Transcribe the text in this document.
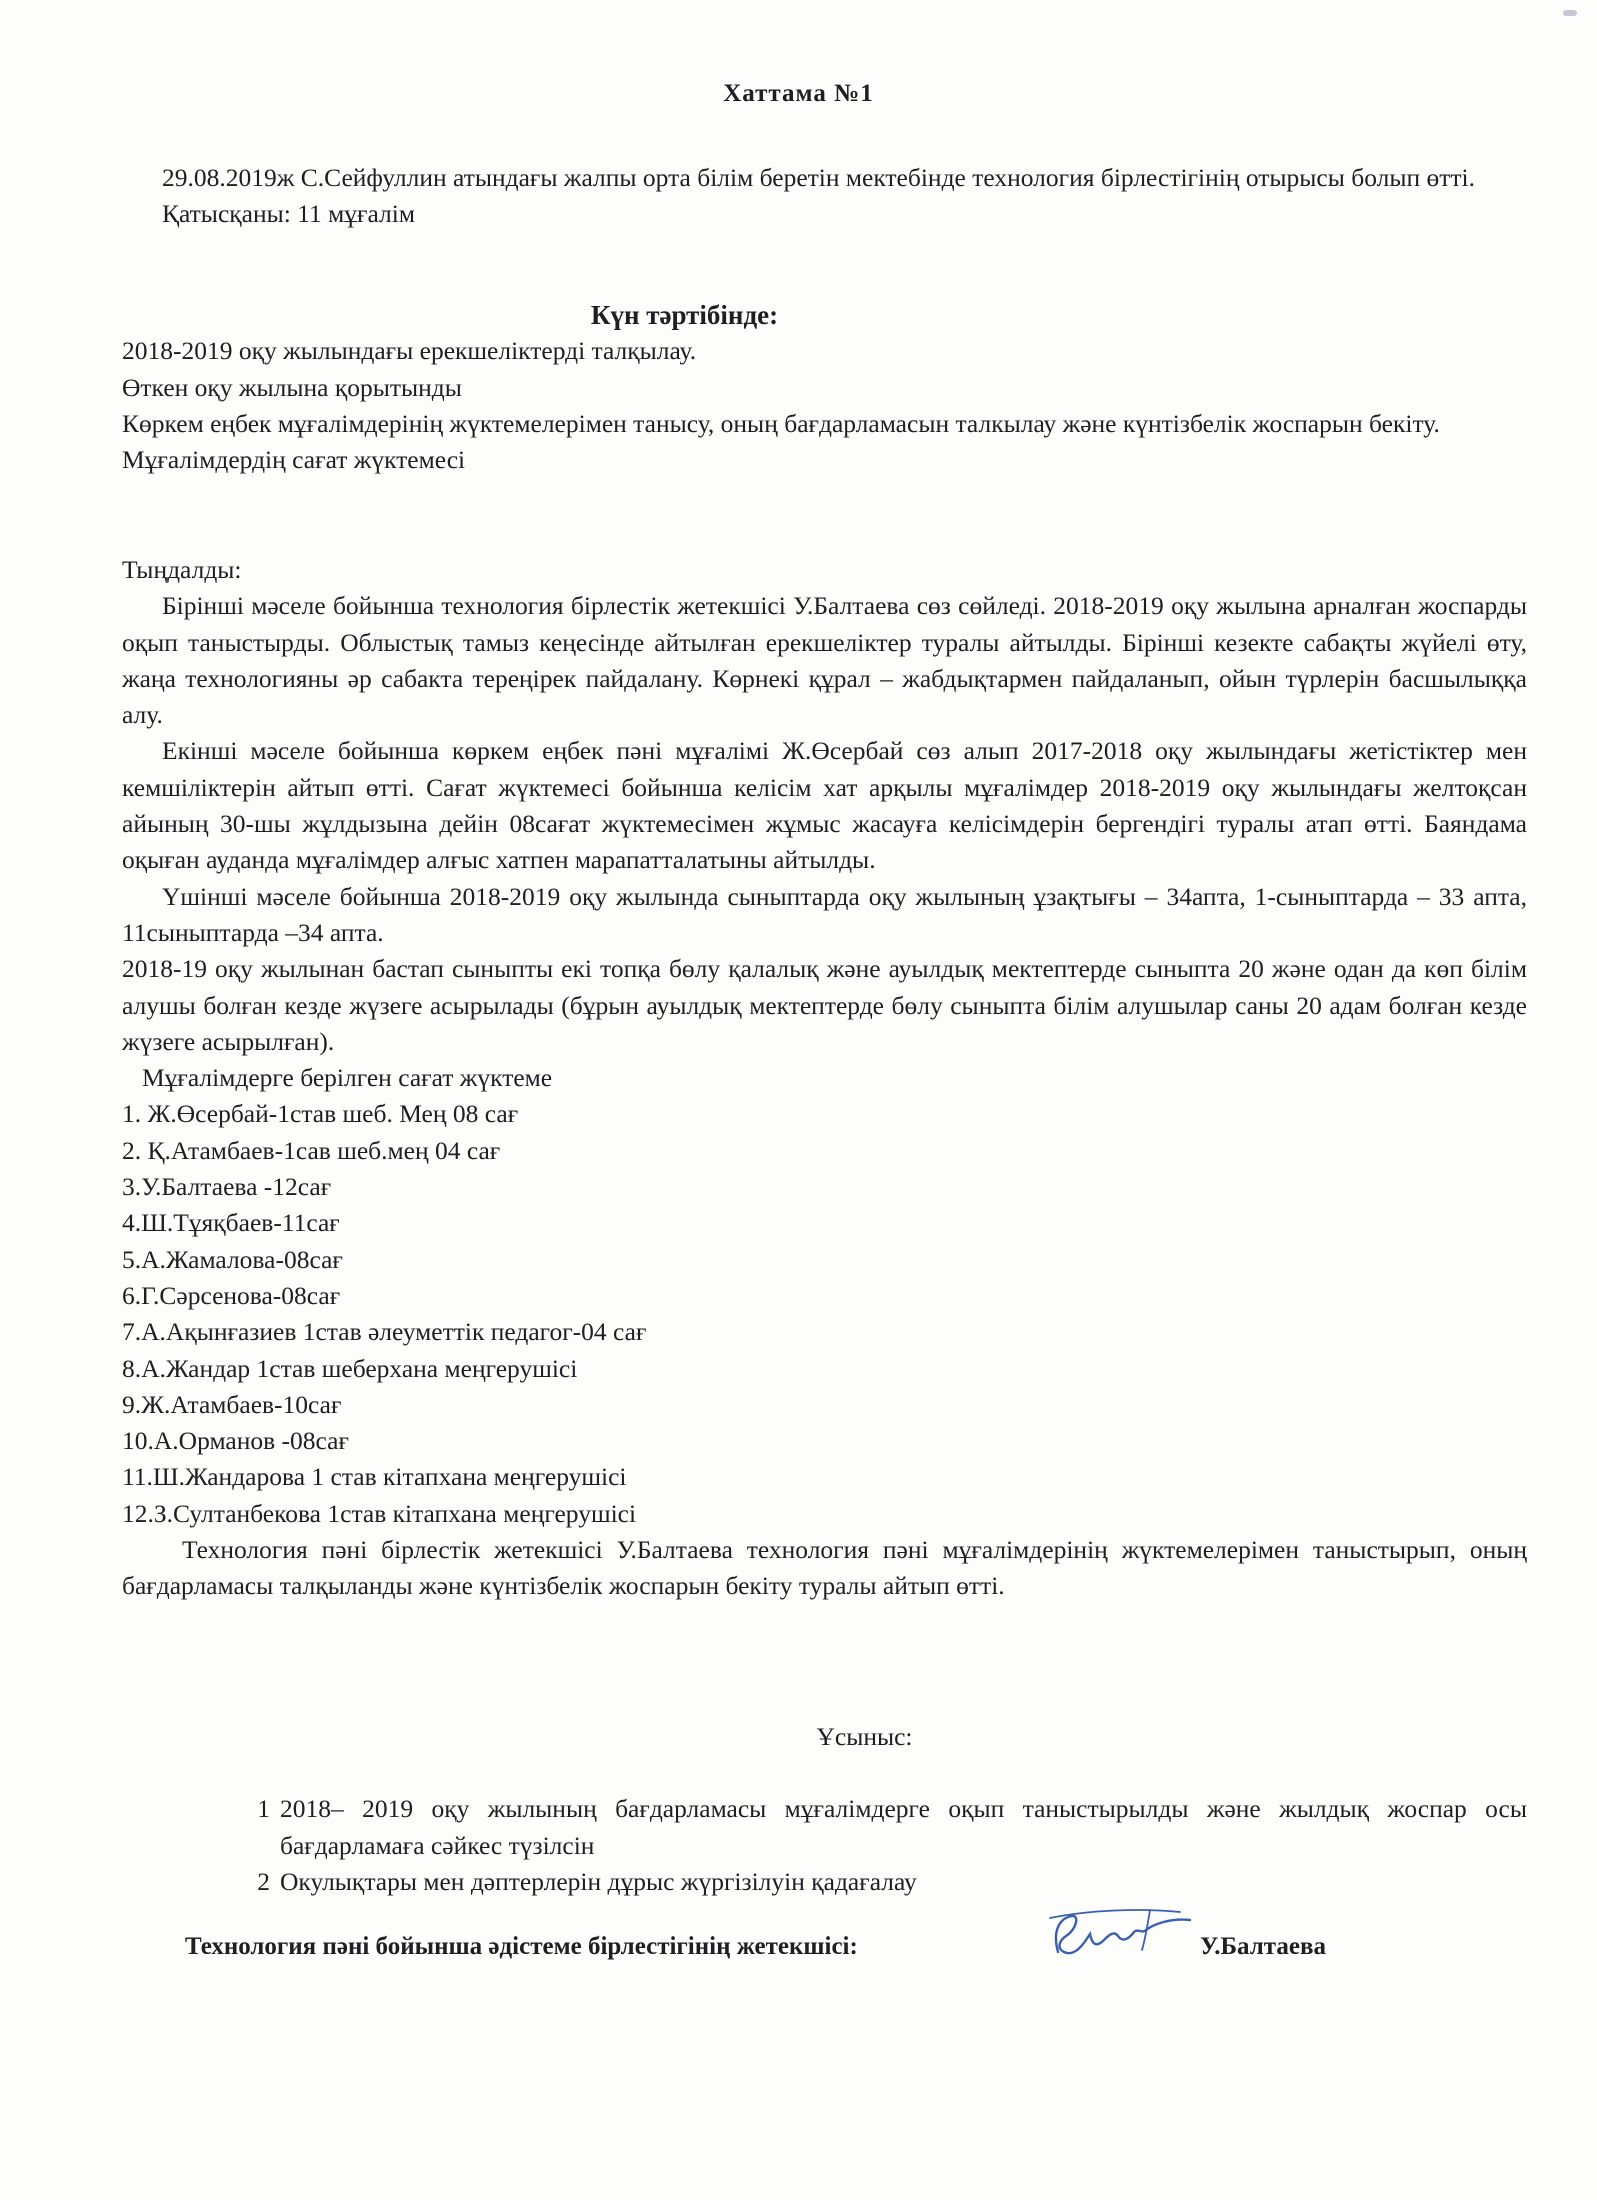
Хаттама №1

29.08.2019ж С.Сейфуллин атындағы жалпы орта білім беретін мектебінде технология бірлестігінің отырысы болып өтті.

Қатысқаны: 11 мұғалім

Күн тәртібінде:

2018-2019 оқу жылындағы ерекшеліктерді талқылау.

Өткен оқу жылына қорытынды

Көркем еңбек мұғалімдерінің жүктемелерімен танысу, оның бағдарламасын талкылау және күнтізбелік жоспарын бекіту.

Мұғалімдердің сағат жүктемесі

Тыңдалды:

Бірінші мәселе бойынша технология бірлестік жетекшісі У.Балтаева сөз сөйледі. 2018-2019 оқу жылына арналған жоспарды оқып таныстырды. Облыстық тамыз кеңесінде айтылған ерекшеліктер туралы айтылды. Бірінші кезекте сабақты жүйелі өту, жаңа технологияны әр сабакта тереңірек пайдалану. Көрнекі құрал – жабдықтармен пайдаланып, ойын түрлерін басшылыққа алу.

Екінші мәселе бойынша көркем еңбек пәні мұғалімі Ж.Өсербай сөз алып 2017-2018 оқу жылындағы жетістіктер мен кемшіліктерін айтып өтті. Сағат жүктемесі бойынша келісім хат арқылы мұғалімдер 2018-2019 оқу жылындағы желтоқсан айының 30-шы жұлдызына дейін 08сағат жүктемесімен жұмыс жасауға келісімдерін бергендігі туралы атап өтті. Баяндама оқыған ауданда мұғалімдер алғыс хатпен марапатталатыны айтылды.

Үшінші мәселе бойынша 2018-2019 оқу жылында сыныптарда оқу жылының ұзақтығы – 34апта, 1-сыныптарда – 33 апта, 11сыныптарда –34 апта.

2018-19 оқу жылынан бастап сыныпты екі топқа бөлу қалалық және ауылдық мектептерде сыныпта 20 және одан да көп білім алушы болған кезде жүзеге асырылады (бұрын ауылдық мектептерде бөлу сыныпта білім алушылар саны 20 адам болған кезде жүзеге асырылған).

Мұғалімдерге берілген сағат жүктеме

1. Ж.Өсербай-1став шеб. Мең 08 сағ
2. Қ.Атамбаев-1сав шеб.мең 04 сағ
3.У.Балтаева -12сағ
4.Ш.Тұяқбаев-11сағ
5.А.Жамалова-08сағ
6.Г.Сәрсенова-08сағ
7.А.Ақынғазиев 1став әлеуметтік педагог-04 сағ
8.А.Жандар 1став шеберхана меңгерушісі
9.Ж.Атамбаев-10сағ
10.А.Орманов -08сағ
11.Ш.Жандарова 1 став кітапхана меңгерушісі
12.З.Султанбекова 1став кітапхана меңгерушісі

Технология пәні бірлестік жетекшісі У.Балтаева технология пәні мұғалімдерінің жүктемелерімен таныстырып, оның бағдарламасы талқыланды және күнтізбелік жоспарын бекіту туралы айтып өтті.

Ұсыныс:

1 2018– 2019 оқу жылының бағдарламасы мұғалімдерге оқып таныстырылды және жылдық жоспар осы бағдарламаға сәйкес түзілсін
2 Окулықтары мен дәптерлерін дұрыс жүргізілуін қадағалау
Технология пәні бойынша әдістеме бірлестігінің жетекшісі:	У.Балтаева
